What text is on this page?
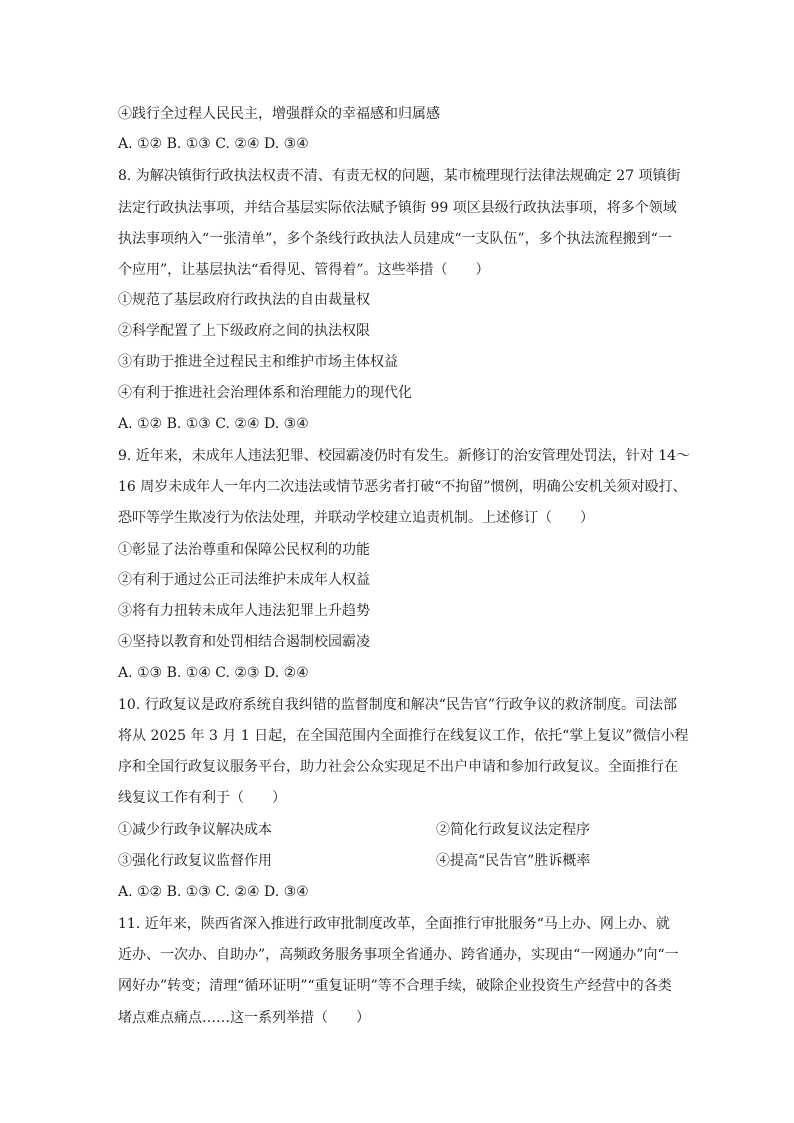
④践行全过程人民民主，增强群众的幸福感和归属感
A. ①② B. ①③ C. ②④ D. ③④
8. 为解决镇街行政执法权责不清、有责无权的问题，某市梳理现行法律法规确定 27 项镇街
法定行政执法事项，并结合基层实际依法赋予镇街 99 项区县级行政执法事项，将多个领域
执法事项纳入“一张清单”，多个条线行政执法人员建成“一支队伍”，多个执法流程搬到“一
个应用”，让基层执法“看得见、管得着”。这些举措（　　）
①规范了基层政府行政执法的自由裁量权
②科学配置了上下级政府之间的执法权限
③有助于推进全过程民主和维护市场主体权益
④有利于推进社会治理体系和治理能力的现代化
A. ①② B. ①③ C. ②④ D. ③④
9. 近年来，未成年人违法犯罪、校园霸凌仍时有发生。新修订的治安管理处罚法，针对 14～
16 周岁未成年人一年内二次违法或情节恶劣者打破“不拘留”惯例，明确公安机关须对殴打、
恐吓等学生欺凌行为依法处理，并联动学校建立追责机制。上述修订（　　）
①彰显了法治尊重和保障公民权利的功能
②有利于通过公正司法维护未成年人权益
③将有力扭转未成年人违法犯罪上升趋势
④坚持以教育和处罚相结合遏制校园霸凌
A. ①③ B. ①④ C. ②③ D. ②④
10. 行政复议是政府系统自我纠错的监督制度和解决“民告官”行政争议的救济制度。司法部
将从 2025 年 3 月 1 日起，在全国范围内全面推行在线复议工作，依托“掌上复议”微信小程
序和全国行政复议服务平台，助力社会公众实现足不出户申请和参加行政复议。全面推行在
线复议工作有利于（　　）
①减少行政争议解决成本	②简化行政复议法定程序
③强化行政复议监督作用	④提高“民告官”胜诉概率
A. ①② B. ①③ C. ②④ D. ③④
11. 近年来，陕西省深入推进行政审批制度改革，全面推行审批服务“马上办、网上办、就
近办、一次办、自助办”，高频政务服务事项全省通办、跨省通办，实现由“一网通办”向“一
网好办”转变；清理“循环证明”“重复证明”等不合理手续，破除企业投资生产经营中的各类
堵点难点痛点……这一系列举措（　　）
